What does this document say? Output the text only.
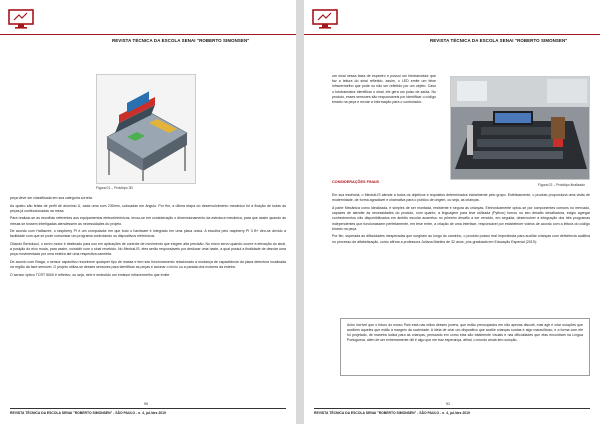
REVISTA TÉCNICA DA ESCOLA SENAI "ROBERTO SIMONSEN"
Figura 01 – Protótipo 3D

peça deve ser classificada em sua categoria correta.

As quatro são feitas de perfil de alumínio U, cada uma com 230mm, colocadas em ângulo. Por fim, a última etapa do desenvolvimento mecânico foi a fixação de todas as peças já confeccionadas na mesa.

Para realizar-se as escolhas referentes aos equipamentos eletroeletrônicos, levou-se em consideração o dimensionamento da estrutura mecânica, para que assim quando as mesas se fossem interligadas atendessem as necessidades do projeto.

De acordo com Halfacree, o raspberry PI é um computador em que todo o hardware é integrado em uma placa única. A escolha pelo raspberry PI 3 B+ deu-se devido a facilidade com que se pode comunicar um programa controlando os dispositivos eletrônicos.

Citando Bertolucci, o servo motor é destinado para uso em aplicações de controle de movimento que exigem alta precisão. No micro servo quando ocorre a elevação do sinal, a posição do eixo muda, para assim, coincidir com o sinal recebido. No MechaLIS, eles serão responsáveis por deslocar uma haste, a qual possui a finalidade de desviar uma peça movimentada por uma esteira até uma respectiva caneleta.

De acordo com Braga, o sensor capacitivo reconhece qualquer tipo de massa e tem seu funcionamento relacionado à mudança de capacitância da placa detectora localizada na região da face sensível. O projeto utiliza-se desses sensores para identificar as peças e acionar o início ou a parada dos motores da esteira.

O sensor óptico TCRT 5000 é refletivo, ou seja, nele é embutido um emissor infravermelho que emite

90
REVISTA TÉCNICA DA ESCOLA SENAI "ROBERTO SIMONSEN" - SÃO PAULO - n. 4, jul./dez 2019
REVISTA TÉCNICA DA ESCOLA SENAI "ROBERTO SIMONSEN"

um sinal nessa faixa de espectro e possui um fototransistor que faz a leitura do sinal refletido, assim, o LED emite um feixe infravermelho que pode ou não ser refletido por um objeto. Caso o fototransistor identificar o sinal, ele gera um pulso de saída. No produto, esses sensores são responsáveis por identificar o código binário na peça e enviar a informação para o controlador.

Figura 02 – Protótipo finalizado
CONSIDERAÇÕES FINAIS

Em sua essência, o MechaLIS atende a todos os objetivos e requisitos determinados inicialmente pelo grupo. Estéticamente, o produto proporciona uma visão de modernidade, de forma agradável e chamativa para o público de origem, ou seja, as crianças.

A parte Mecânica como idealizada, é simples de ser montada, resistente e segura às crianças. Eletronicamente optou-se por componentes comuns no mercado, capazes de atender às necessidades do produto, com quanto, a linguagem para leve utilizada (Python) tornou ou seu desafio desafiadora, exigiu agregar conhecimentos não disponibilizados em âmbito escolar acarretou no primeiro desafio a ser vencido, em seguida, desenvolver a integração dos três programas independentes que funcionassem perfeitamente, em tese entre, a criação de uma interface, responsável por estabelecer vídeos de acordo com a leitura do código binário na peça.

Por fim, superada as dificuldades inesperadas que surgiram ao longo do caminho, o produto possui real importância para auxiliar crianças com deficiência auditiva no processo de alfabetização, como afirma a professora Juliana Martins de 32 anos, pós-graduada em Educação Especial (2019):

Acho incrível que o futuro do nosso País está nas mãos desses jovens, que estão preocupados em não apenas discutir, mas agir e criar soluções que auxiliem aqueles que estão à margem da sociedade. A ideia de criar um dispositivo que auxilie crianças surdas é algo maravilhoso, e a forma com ele foi projetado, de maneira lúdica para as crianças, pensando em como elas são totalmente visuais e nas dificuldades que elas encontram na Língua Portuguesa, além de ser extremamente útil é algo que me traz esperança, afinal, o mundo ainda tem solução.
91
REVISTA TÉCNICA DA ESCOLA SENAI "ROBERTO SIMONSEN" - SÃO PAULO - n. 4, jul./dez 2019
